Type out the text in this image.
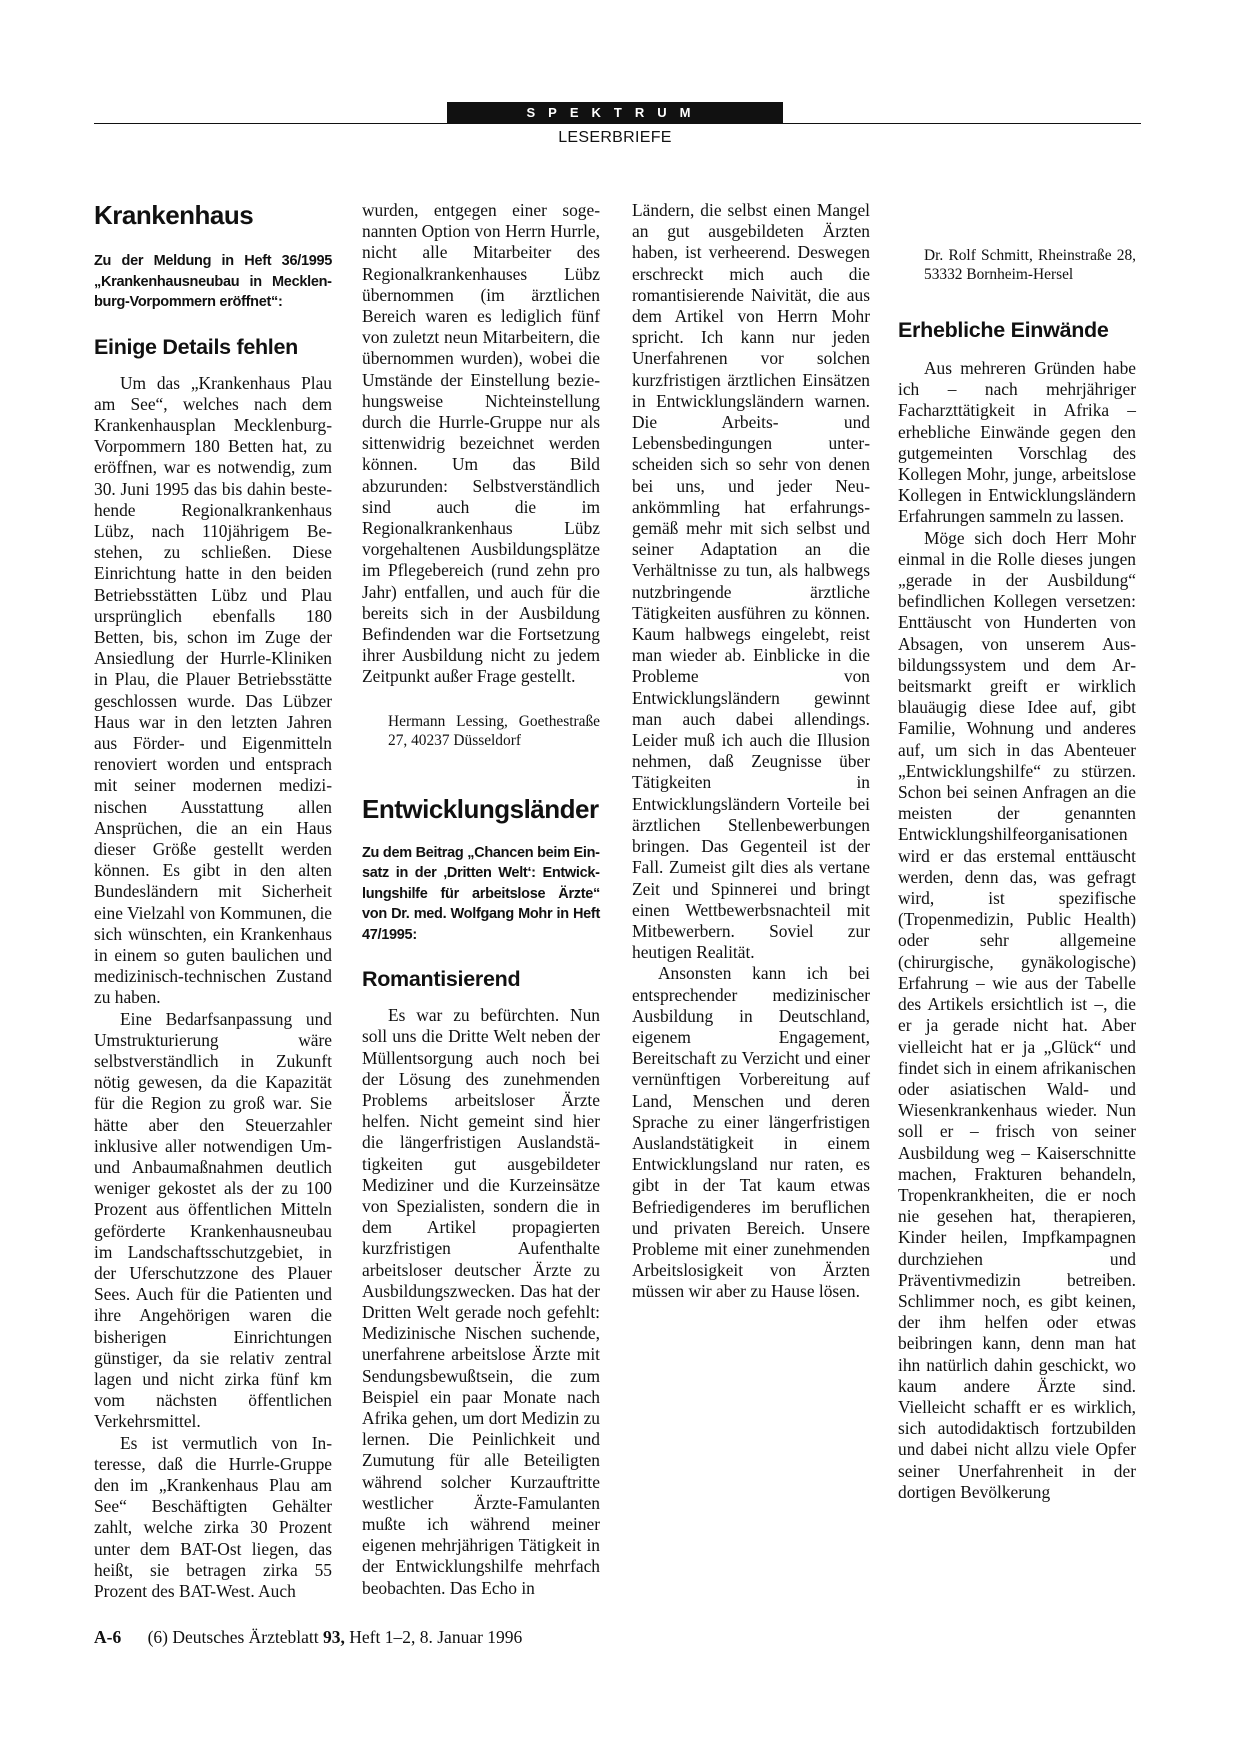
SPEKTRUM
LESERBRIEFE
Krankenhaus

Zu der Meldung in Heft 36/1995 „Krankenhausneubau in Mecklenburg-Vorpommern eröffnet“:

Einige Details fehlen

Um das „Krankenhaus Plau am See“, welches nach dem Krankenhausplan Mecklenburg-Vorpommern 180 Betten hat, zu eröffnen, war es notwendig, zum 30. Juni 1995 das bis dahin bestehende Regionalkrankenhaus Lübz, nach 110jährigem Bestehen, zu schließen. Diese Einrichtung hatte in den beiden Betriebsstätten Lübz und Plau ursprünglich ebenfalls 180 Betten, bis, schon im Zuge der Ansiedlung der Hurrle-Kliniken in Plau, die Plauer Betriebsstätte geschlossen wurde. Das Lübzer Haus war in den letzten Jahren aus Förder- und Eigenmitteln renoviert worden und entsprach mit seiner modernen medizinischen Ausstattung allen Ansprüchen, die an ein Haus dieser Größe gestellt werden können. Es gibt in den alten Bundesländern mit Sicherheit eine Vielzahl von Kommunen, die sich wünschten, ein Krankenhaus in einem so guten baulichen und medizinisch-technischen Zustand zu haben.

Eine Bedarfsanpassung und Umstrukturierung wäre selbstverständlich in Zukunft nötig gewesen, da die Kapazität für die Region zu groß war. Sie hätte aber den Steuerzahler inklusive aller notwendigen Um- und Anbaumaßnahmen deutlich weniger gekostet als der zu 100 Prozent aus öffentlichen Mitteln geförderte Krankenhausneubau im Landschaftsschutzgebiet, in der Uferschutzzone des Plauer Sees. Auch für die Patienten und ihre Angehörigen waren die bisherigen Einrichtungen günstiger, da sie relativ zentral lagen und nicht zirka fünf km vom nächsten öffentlichen Verkehrsmittel.

Es ist vermutlich von Interesse, daß die Hurrle-Gruppe den im „Krankenhaus Plau am See“ Beschäftigten Gehälter zahlt, welche zirka 30 Prozent unter dem BAT-Ost liegen, das heißt, sie betragen zirka 55 Prozent des BAT-West. Auch

wurden, entgegen einer sogenannten Option von Herrn Hurrle, nicht alle Mitarbeiter des Regionalkrankenhauses Lübz übernommen (im ärztlichen Bereich waren es lediglich fünf von zuletzt neun Mitarbeitern, die übernommen wurden), wobei die Umstände der Einstellung beziehungsweise Nichteinstellung durch die Hurrle-Gruppe nur als sittenwidrig bezeichnet werden können. Um das Bild abzurunden: Selbstverständlich sind auch die im Regionalkrankenhaus Lübz vorgehaltenen Ausbildungsplätze im Pflegebereich (rund zehn pro Jahr) entfallen, und auch für die bereits sich in der Ausbildung Befindenden war die Fortsetzung ihrer Ausbildung nicht zu jedem Zeitpunkt außer Frage gestellt.

Hermann Lessing, Goethestraße 27, 40237 Düsseldorf

Entwicklungsländer

Zu dem Beitrag „Chancen beim Einsatz in der ‚Dritten Welt‘: Entwicklungshilfe für arbeitslose Ärzte“ von Dr. med. Wolfgang Mohr in Heft 47/1995:

Romantisierend

Es war zu befürchten. Nun soll uns die Dritte Welt neben der Müllentsorgung auch noch bei der Lösung des zunehmenden Problems arbeitsloser Ärzte helfen. Nicht gemeint sind hier die längerfristigen Auslandstätigkeiten gut ausgebildeter Mediziner und die Kurzeinsätze von Spezialisten, sondern die in dem Artikel propagierten kurzfristigen Aufenthalte arbeitsloser deutscher Ärzte zu Ausbildungszwecken. Das hat der Dritten Welt gerade noch gefehlt: Medizinische Nischen suchende, unerfahrene arbeitslose Ärzte mit Sendungsbewußtsein, die zum Beispiel ein paar Monate nach Afrika gehen, um dort Medizin zu lernen. Die Peinlichkeit und Zumutung für alle Beteiligten während solcher Kurzauftritte westlicher Ärzte-Famulanten mußte ich während meiner eigenen mehrjährigen Tätigkeit in der Entwicklungshilfe mehrfach beobachten. Das Echo in

Ländern, die selbst einen Mangel an gut ausgebildeten Ärzten haben, ist verheerend. Deswegen erschreckt mich auch die romantisierende Naivität, die aus dem Artikel von Herrn Mohr spricht. Ich kann nur jeden Unerfahrenen vor solchen kurzfristigen ärztlichen Einsätzen in Entwicklungsländern warnen. Die Arbeits- und Lebensbedingungen unterscheiden sich so sehr von denen bei uns, und jeder Neuankömmling hat erfahrungsgemäß mehr mit sich selbst und seiner Adaptation an die Verhältnisse zu tun, als halbwegs nutzbringende ärztliche Tätigkeiten ausführen zu können. Kaum halbwegs eingelebt, reist man wieder ab. Einblicke in die Probleme von Entwicklungsländern gewinnt man auch dabei allendings. Leider muß ich auch die Illusion nehmen, daß Zeugnisse über Tätigkeiten in Entwicklungsländern Vorteile bei ärztlichen Stellenbewerbungen bringen. Das Gegenteil ist der Fall. Zumeist gilt dies als vertane Zeit und Spinnerei und bringt einen Wettbewerbsnachteil mit Mitbewerbern. Soviel zur heutigen Realität.

Ansonsten kann ich bei entsprechender medizinischer Ausbildung in Deutschland, eigenem Engagement, Bereitschaft zu Verzicht und einer vernünftigen Vorbereitung auf Land, Menschen und deren Sprache zu einer längerfristigen Auslandstätigkeit in einem Entwicklungsland nur raten, es gibt in der Tat kaum etwas Befriedigenderes im beruflichen und privaten Bereich. Unsere Probleme mit einer zunehmenden Arbeitslosigkeit von Ärzten müssen wir aber zu Hause lösen.

Dr. Rolf Schmitt, Rheinstraße 28, 53332 Bornheim-Hersel

Erhebliche Einwände

Aus mehreren Gründen habe ich – nach mehrjähriger Facharzttätigkeit in Afrika – erhebliche Einwände gegen den gutgemeinten Vorschlag des Kollegen Mohr, junge, arbeitslose Kollegen in Entwicklungsländern Erfahrungen sammeln zu lassen.

Möge sich doch Herr Mohr einmal in die Rolle dieses jungen „gerade in der Ausbildung“ befindlichen Kollegen versetzen: Enttäuscht von Hunderten von Absagen, von unserem Ausbildungssystem und dem Arbeitsmarkt greift er wirklich blauäugig diese Idee auf, gibt Familie, Wohnung und anderes auf, um sich in das Abenteuer „Entwicklungshilfe“ zu stürzen. Schon bei seinen Anfragen an die meisten der genannten Entwicklungshilfeorganisationen wird er das erstemal enttäuscht werden, denn das, was gefragt wird, ist spezifische (Tropenmedizin, Public Health) oder sehr allgemeine (chirurgische, gynäkologische) Erfahrung – wie aus der Tabelle des Artikels ersichtlich ist –, die er ja gerade nicht hat. Aber vielleicht hat er ja „Glück“ und findet sich in einem afrikanischen oder asiatischen Wald- und Wiesenkrankenhaus wieder. Nun soll er – frisch von seiner Ausbildung weg – Kaiserschnitte machen, Frakturen behandeln, Tropenkrankheiten, die er noch nie gesehen hat, therapieren, Kinder heilen, Impfkampagnen durchziehen und Präventivmedizin betreiben. Schlimmer noch, es gibt keinen, der ihm helfen oder etwas beibringen kann, denn man hat ihn natürlich dahin geschickt, wo kaum andere Ärzte sind. Vielleicht schafft er es wirklich, sich autodidaktisch fortzubilden und dabei nicht allzu viele Opfer seiner Unerfahrenheit in der dortigen Bevölkerung

A-6 (6) Deutsches Ärzteblatt 93, Heft 1–2, 8. Januar 1996
